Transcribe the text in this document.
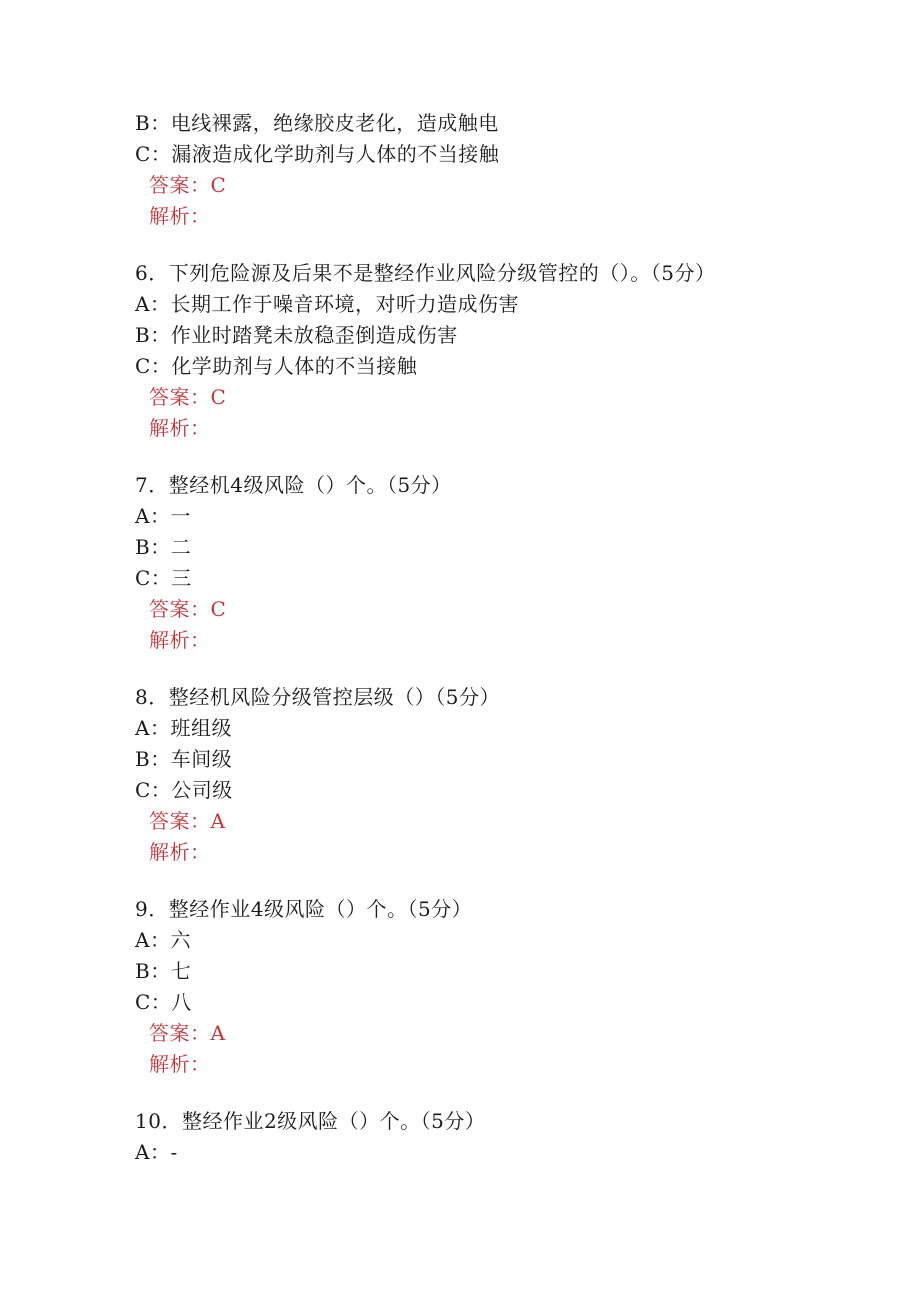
B：电线裸露，绝缘胶皮老化，造成触电
C：漏液造成化学助剂与人体的不当接触
答案：C
解析：
6．下列危险源及后果不是整经作业风险分级管控的（）。（5分）
A：长期工作于噪音环境，对听力造成伤害
B：作业时踏凳未放稳歪倒造成伤害
C：化学助剂与人体的不当接触
答案：C
解析：
7．整经机4级风险（）个。（5分）
A：一
B：二
C：三
答案：C
解析：
8．整经机风险分级管控层级（）（5分）
A：班组级
B：车间级
C：公司级
答案：A
解析：
9．整经作业4级风险（）个。（5分）
A：六
B：七
C：八
答案：A
解析：
10．整经作业2级风险（）个。（5分）
A：-
